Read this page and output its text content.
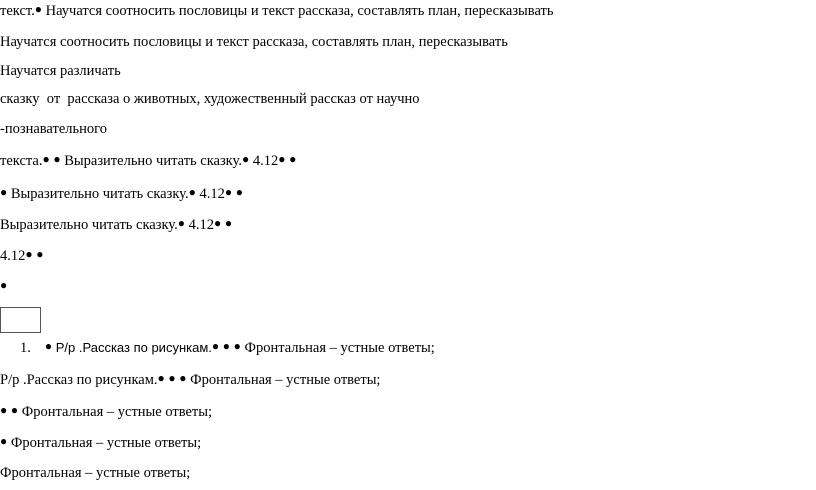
текст.● Научатся соотносить пословицы и текст рассказа, составлять план, пересказывать
Научатся соотносить пословицы и текст рассказа, составлять план, пересказывать
Научатся различать
сказку  от  рассказа о животных, художественный рассказ от научно
-познавательного
текста.● ● Выразительно читать сказку.● 4.12● ●
● Выразительно читать сказку.● 4.12● ●
Выразительно читать сказку.● 4.12● ●
4.12● ●
●
1. ● Р/р .Рассказ по рисункам.● ● ● Фронтальная – устные ответы;
Р/р .Рассказ по рисункам.● ● ● Фронтальная – устные ответы;
● ● Фронтальная – устные ответы;
● Фронтальная – устные ответы;
Фронтальная – устные ответы;
